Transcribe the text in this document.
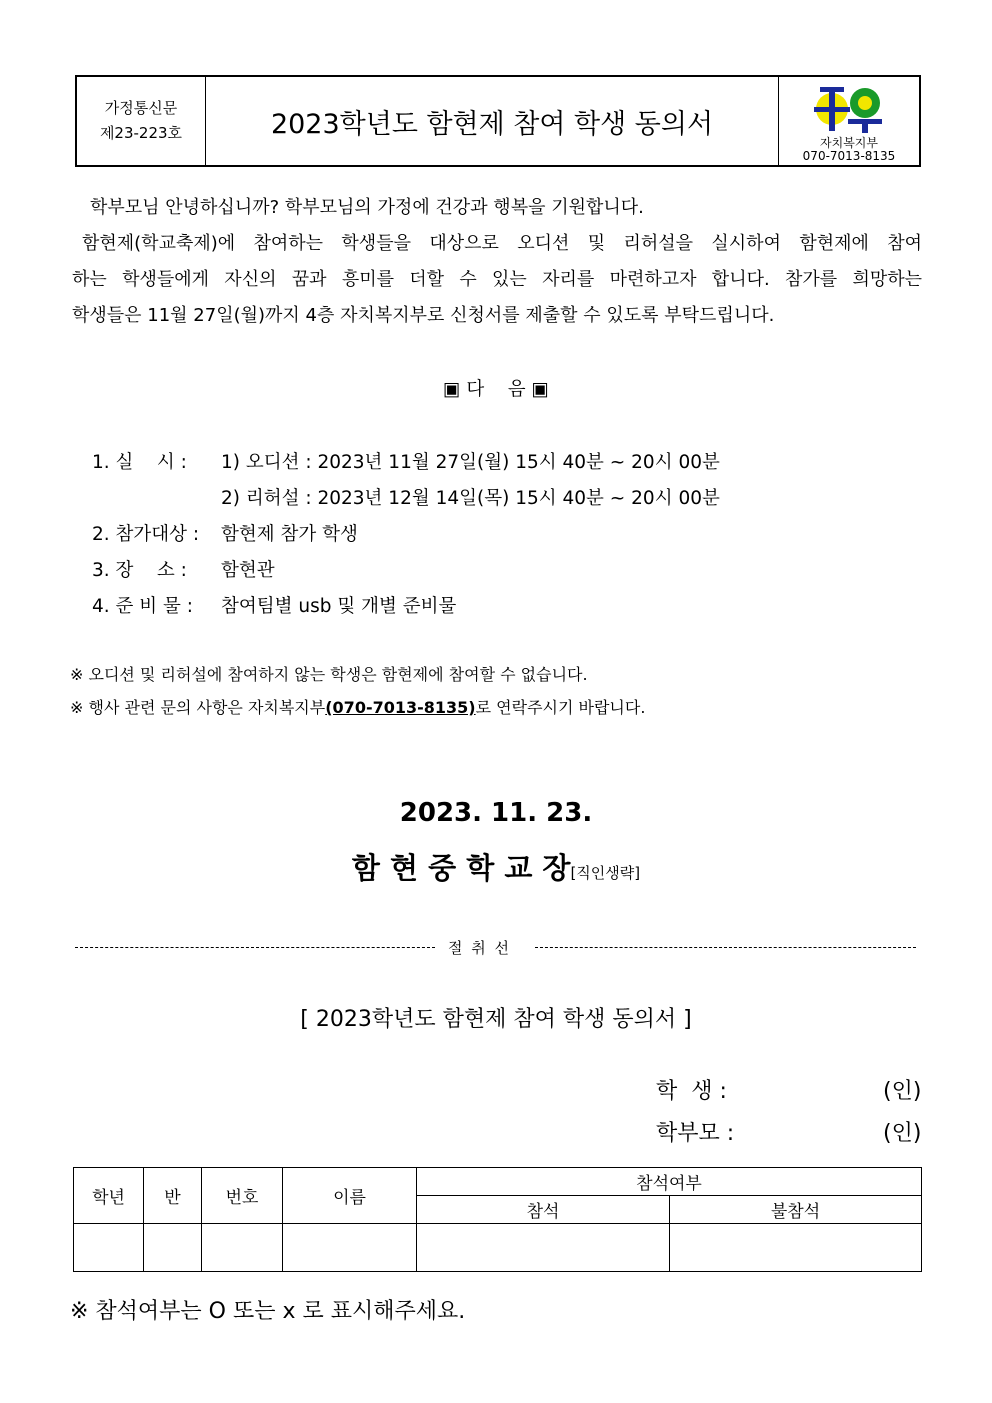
가정통신문
제23-223호	2023학년도 함현제 참여 학생 동의서
자치복지부
070-7013-8135

학부모님 안녕하십니까? 학부모님의 가정에 건강과 행복을 기원합니다.

함현제(학교축제)에 참여하는 학생들을 대상으로 오디션 및 리허설을 실시하여 함현제에 참여

하는 학생들에게 자신의 꿈과 흥미를 더할 수 있는 자리를 마련하고자 합니다. 참가를 희망하는

학생들은 11월 27일(월)까지 4층 자치복지부로 신청서를 제출할 수 있도록 부탁드립니다.

▣ 다    음 ▣
1. 실    시 : 1) 오디션 : 2023년 11월 27일(월) 15시 40분 ~ 20시 00분
2) 리허설 : 2023년 12월 14일(목) 15시 40분 ~ 20시 00분
2. 참가대상 : 함현제 참가 학생
3. 장    소 : 함현관
4. 준 비 물 : 참여팀별 usb 및 개별 준비물
※ 오디션 및 리허설에 참여하지 않는 학생은 함현제에 참여할 수 없습니다.
※ 행사 관련 문의 사항은 자치복지부(070-7013-8135)로 연락주시기 바랍니다.
2023. 11. 23.
함 현 중 학 교 장[직인생략]
절 취 선
[ 2023학년도 함현제 참여 학생 동의서 ]
학  생 :	(인)
학부모 :	(인)
학년	반	번호	이름	참석여부	
				참석	불참석

※ 참석여부는 O 또는 x 로 표시해주세요.
